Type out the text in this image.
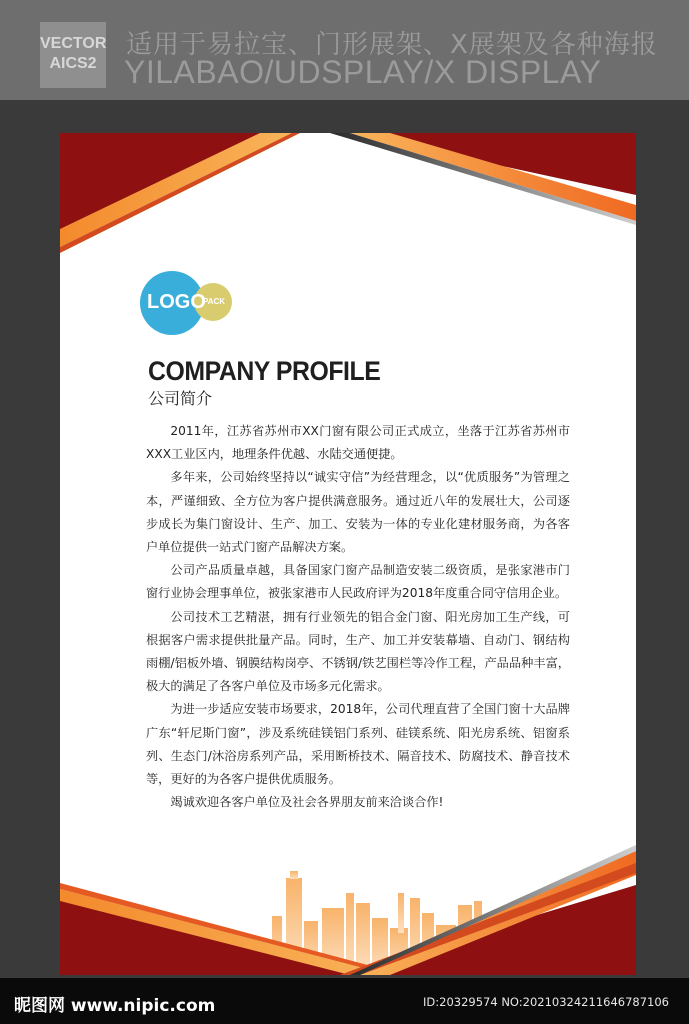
VECTOR
AICS2
适用于易拉宝、门形展架、X展架及各种海报
YILABAO/UDSPLAY/X DISPLAY
LOGO
PACK
COMPANY PROFILE
公司简介

2011年，江苏省苏州市XX门窗有限公司正式成立，坐落于江苏省苏州市XXX工业区内，地理条件优越、水陆交通便捷。

多年来，公司始终坚持以“诚实守信”为经营理念，以“优质服务”为管理之本，严谨细致、全方位为客户提供满意服务。通过近八年的发展壮大，公司逐步成长为集门窗设计、生产、加工、安装为一体的专业化建材服务商，为各客户单位提供一站式门窗产品解决方案。

公司产品质量卓越，具备国家门窗产品制造安装二级资质，是张家港市门窗行业协会理事单位，被张家港市人民政府评为2018年度重合同守信用企业。

公司技术工艺精湛，拥有行业领先的铝合金门窗、阳光房加工生产线，可根据客户需求提供批量产品。同时，生产、加工并安装幕墙、自动门、钢结构雨棚/铝板外墙、钢膜结构岗亭、不锈钢/铁艺围栏等冷作工程，产品品种丰富，极大的满足了各客户单位及市场多元化需求。

为进一步适应安装市场要求，2018年，公司代理直营了全国门窗十大品牌广东“轩尼斯门窗”，涉及系统硅镁铝门系列、硅镁系统、阳光房系统、铝窗系列、生态门/沐浴房系列产品，采用断桥技术、隔音技术、防腐技术、静音技术等，更好的为各客户提供优质服务。

竭诚欢迎各客户单位及社会各界朋友前来洽谈合作!

昵图网 www.nipic.com	ID:20329574 NO:20210324211646787106
